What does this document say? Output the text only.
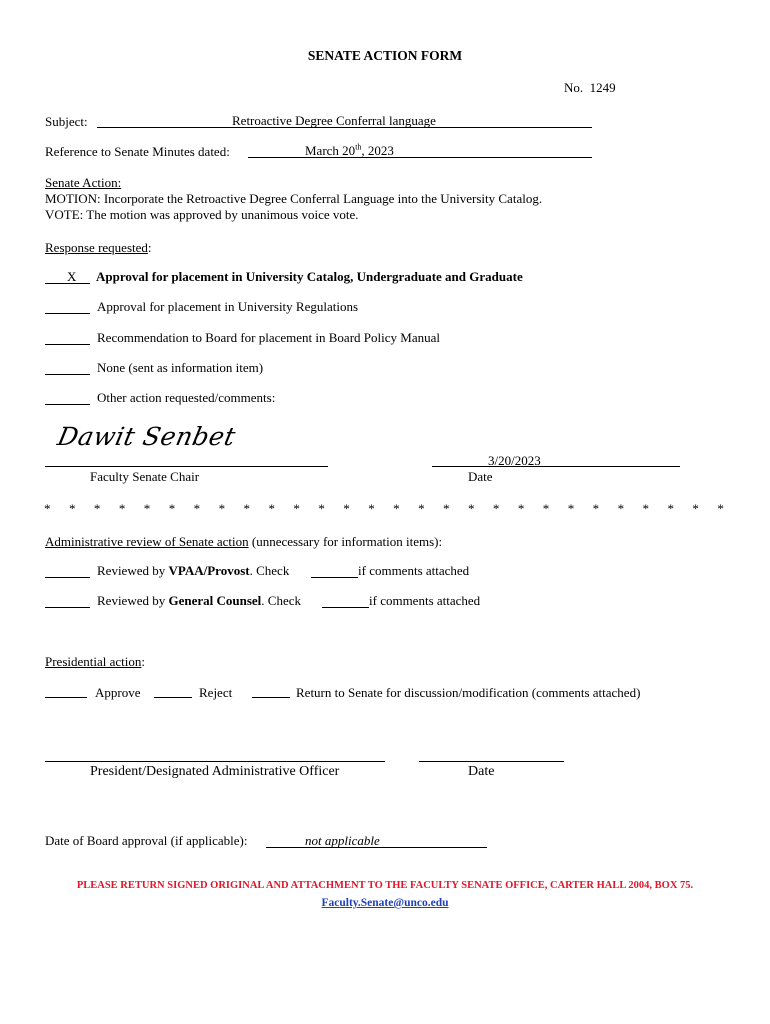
SENATE ACTION FORM
No. 1249
Subject:	Retroactive Degree Conferral language
Reference to Senate Minutes dated:	March 20th, 2023
Senate Action:
MOTION: Incorporate the Retroactive Degree Conferral Language into the University Catalog.
VOTE: The motion was approved by unanimous voice vote.
Response requested:
X Approval for placement in University Catalog, Undergraduate and Graduate
Approval for placement in University Regulations
Recommendation to Board for placement in Board Policy Manual
None (sent as information item)
Other action requested/comments:
Dawit Senbet
Faculty Senate Chair
3/20/2023
Date
* * * * * * * * * * * * * * * * * * * * * * * * * * * *
Administrative review of Senate action (unnecessary for information items):
Reviewed by VPAA/Provost. Check	if comments attached
Reviewed by General Counsel. Check	if comments attached
Presidential action:
Approve	Reject	Return to Senate for discussion/modification (comments attached)
President/Designated Administrative Officer	Date
Date of Board approval (if applicable):	not applicable
PLEASE RETURN SIGNED ORIGINAL AND ATTACHMENT TO THE FACULTY SENATE OFFICE, CARTER HALL 2004, BOX 75.
Faculty.Senate@unco.edu
